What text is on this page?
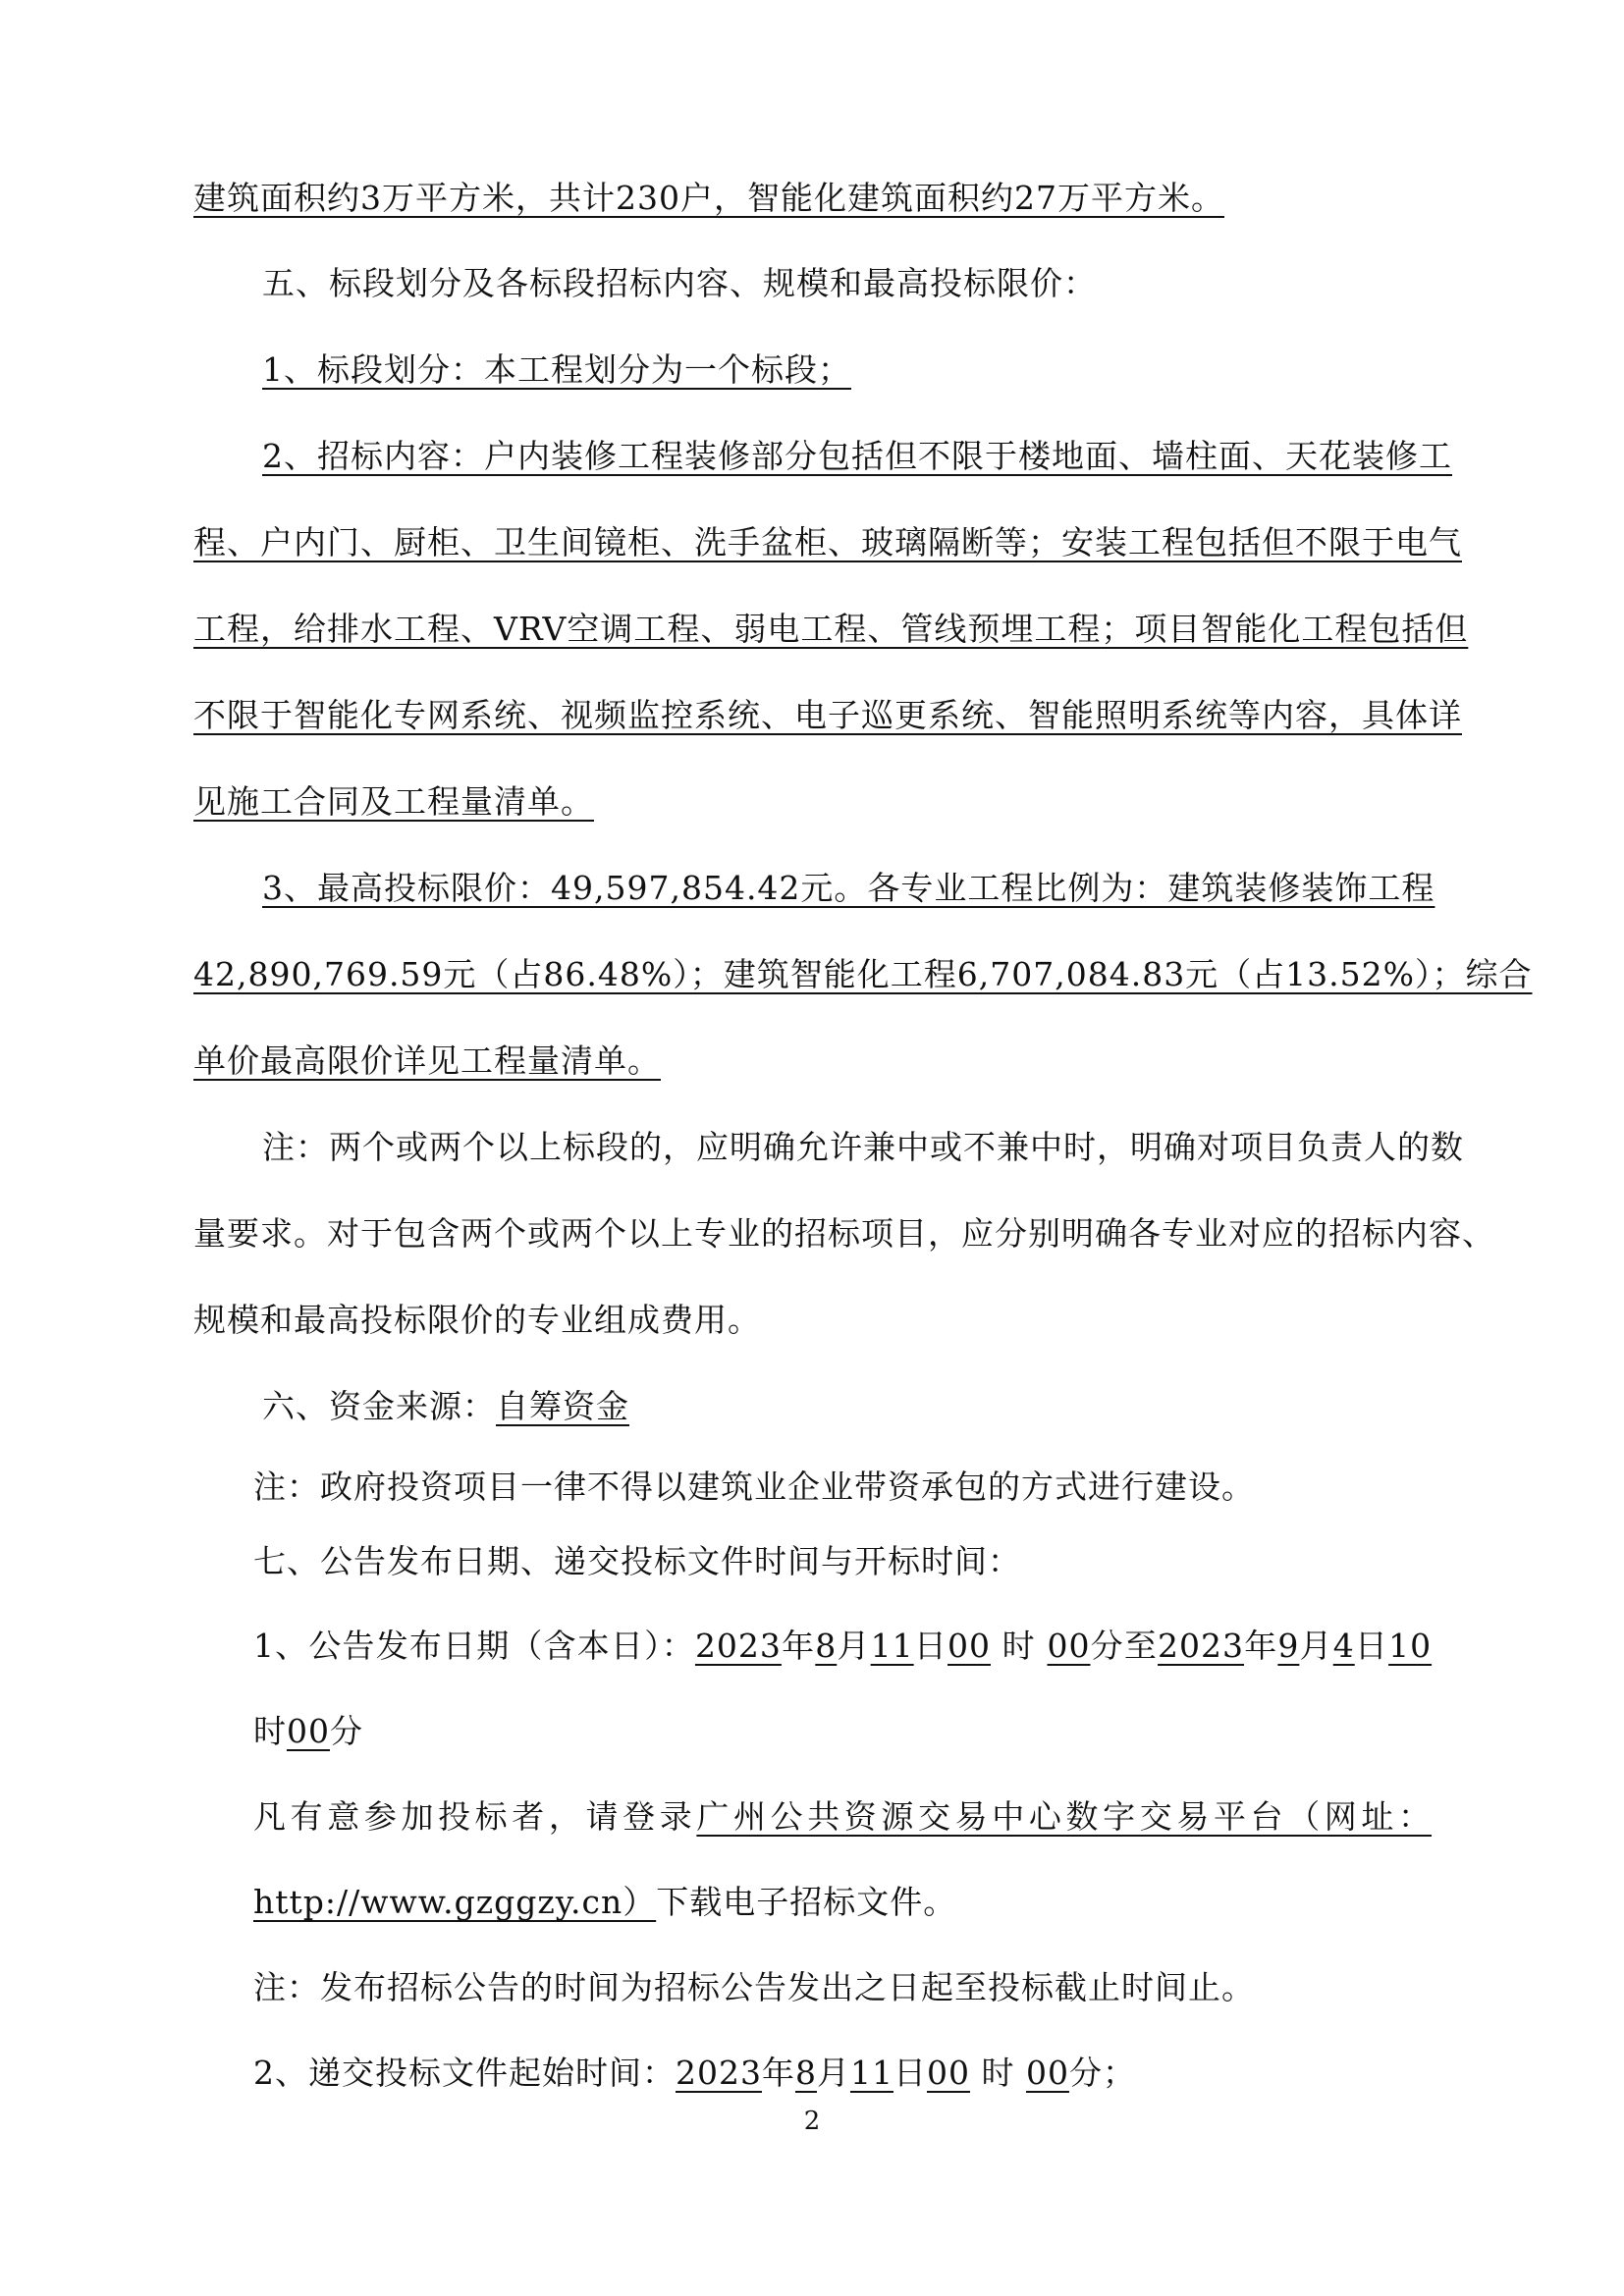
建筑面积约3万平方米，共计230户，智能化建筑面积约27万平方米。
五、标段划分及各标段招标内容、规模和最高投标限价：
1、标段划分：本工程划分为一个标段；
2、招标内容：户内装修工程装修部分包括但不限于楼地面、墙柱面、天花装修工
程、户内门、厨柜、卫生间镜柜、洗手盆柜、玻璃隔断等；安装工程包括但不限于电气
工程，给排水工程、VRV空调工程、弱电工程、管线预埋工程；项目智能化工程包括但
不限于智能化专网系统、视频监控系统、电子巡更系统、智能照明系统等内容，具体详
见施工合同及工程量清单。
3、最高投标限价：49,597,854.42元。各专业工程比例为：建筑装修装饰工程
42,890,769.59元（占86.48%）；建筑智能化工程6,707,084.83元（占13.52%）；综合
单价最高限价详见工程量清单。
注：两个或两个以上标段的，应明确允许兼中或不兼中时，明确对项目负责人的数
量要求。对于包含两个或两个以上专业的招标项目，应分别明确各专业对应的招标内容、
规模和最高投标限价的专业组成费用。
六、资金来源：自筹资金
注：政府投资项目一律不得以建筑业企业带资承包的方式进行建设。
七、公告发布日期、递交投标文件时间与开标时间：
1、公告发布日期（含本日）：2023年8月11日00 时 00分至2023年9月4日10
时00分
凡有意参加投标者，请登录广州公共资源交易中心数字交易平台（网址：
http://www.gzggzy.cn）下载电子招标文件。
注：发布招标公告的时间为招标公告发出之日起至投标截止时间止。
2、递交投标文件起始时间：2023年8月11日00 时 00分；
2
